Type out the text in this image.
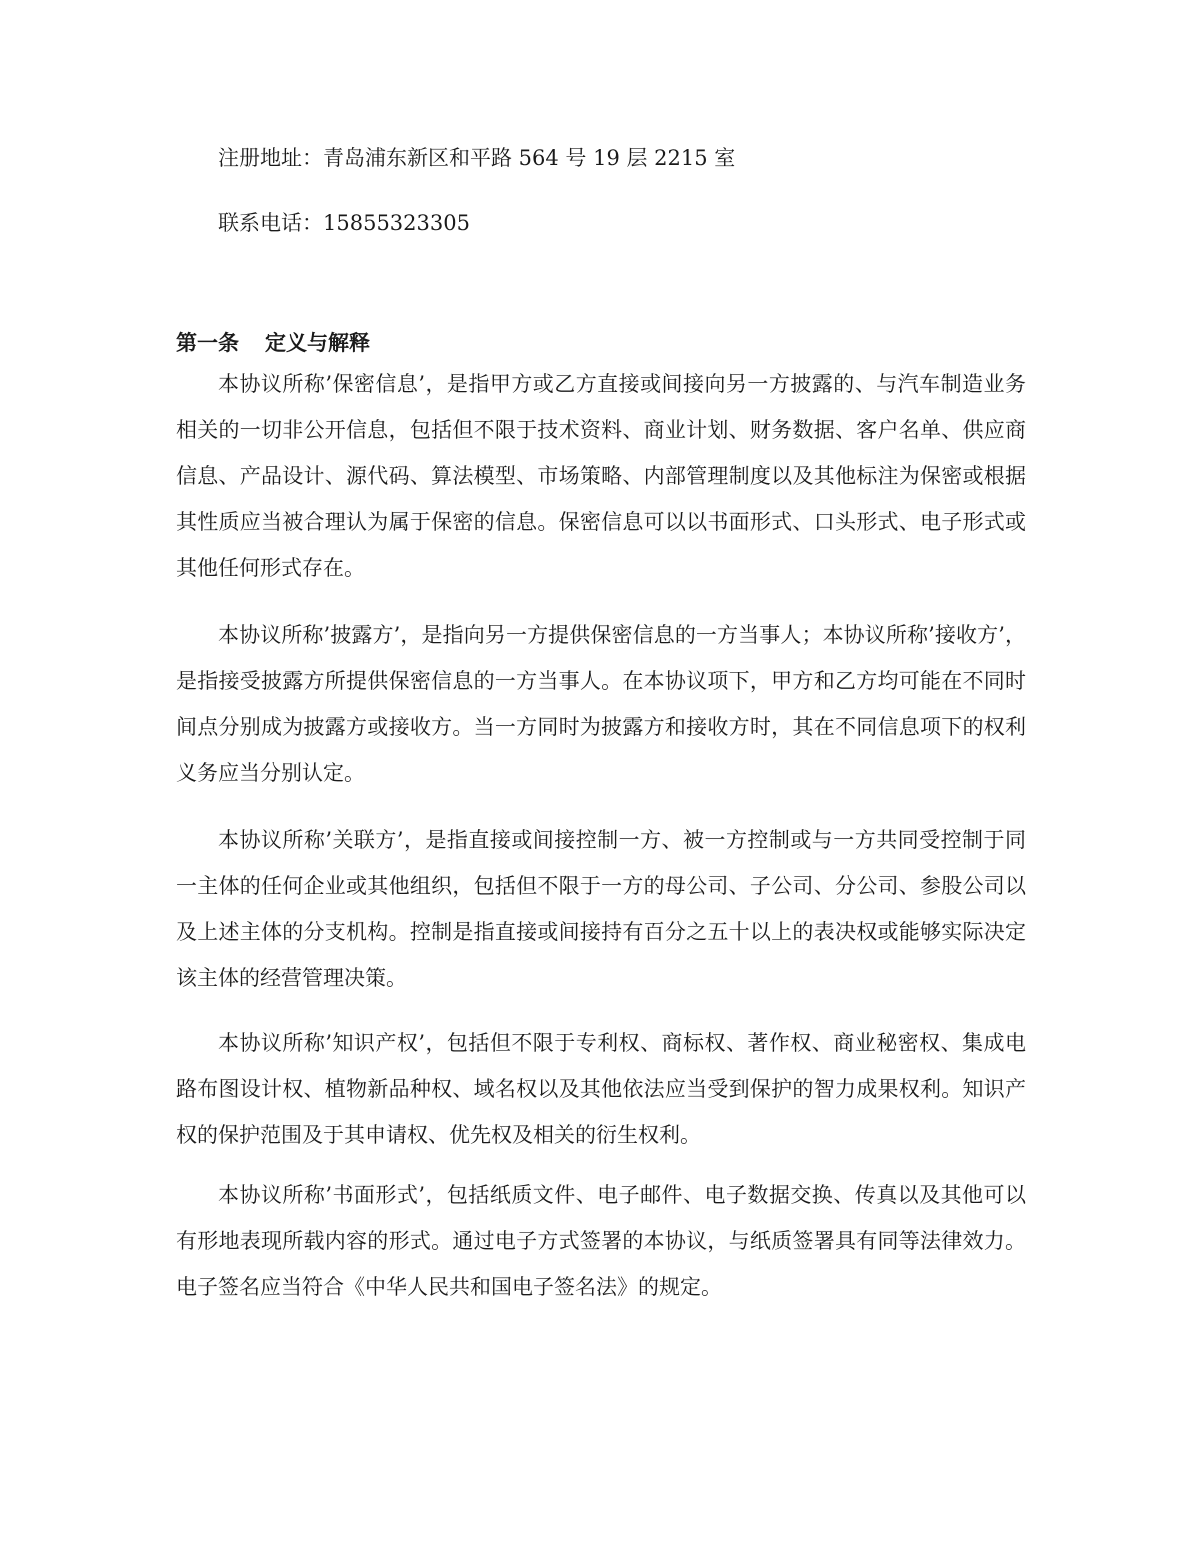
注册地址：青岛浦东新区和平路 564 号 19 层 2215 室
联系电话：15855323305
第一条 定义与解释

本协议所称’保密信息’，是指甲方或乙方直接或间接向另一方披露的、与汽车制造业务相关的一切非公开信息，包括但不限于技术资料、商业计划、财务数据、客户名单、供应商信息、产品设计、源代码、算法模型、市场策略、内部管理制度以及其他标注为保密或根据其性质应当被合理认为属于保密的信息。保密信息可以以书面形式、口头形式、电子形式或其他任何形式存在。

本协议所称’披露方’，是指向另一方提供保密信息的一方当事人；本协议所称’接收方’，是指接受披露方所提供保密信息的一方当事人。在本协议项下，甲方和乙方均可能在不同时间点分别成为披露方或接收方。当一方同时为披露方和接收方时，其在不同信息项下的权利义务应当分别认定。

本协议所称’关联方’，是指直接或间接控制一方、被一方控制或与一方共同受控制于同一主体的任何企业或其他组织，包括但不限于一方的母公司、子公司、分公司、参股公司以及上述主体的分支机构。控制是指直接或间接持有百分之五十以上的表决权或能够实际决定该主体的经营管理决策。

本协议所称’知识产权’，包括但不限于专利权、商标权、著作权、商业秘密权、集成电路布图设计权、植物新品种权、域名权以及其他依法应当受到保护的智力成果权利。知识产权的保护范围及于其申请权、优先权及相关的衍生权利。

本协议所称’书面形式’，包括纸质文件、电子邮件、电子数据交换、传真以及其他可以有形地表现所载内容的形式。通过电子方式签署的本协议，与纸质签署具有同等法律效力。电子签名应当符合《中华人民共和国电子签名法》的规定。
